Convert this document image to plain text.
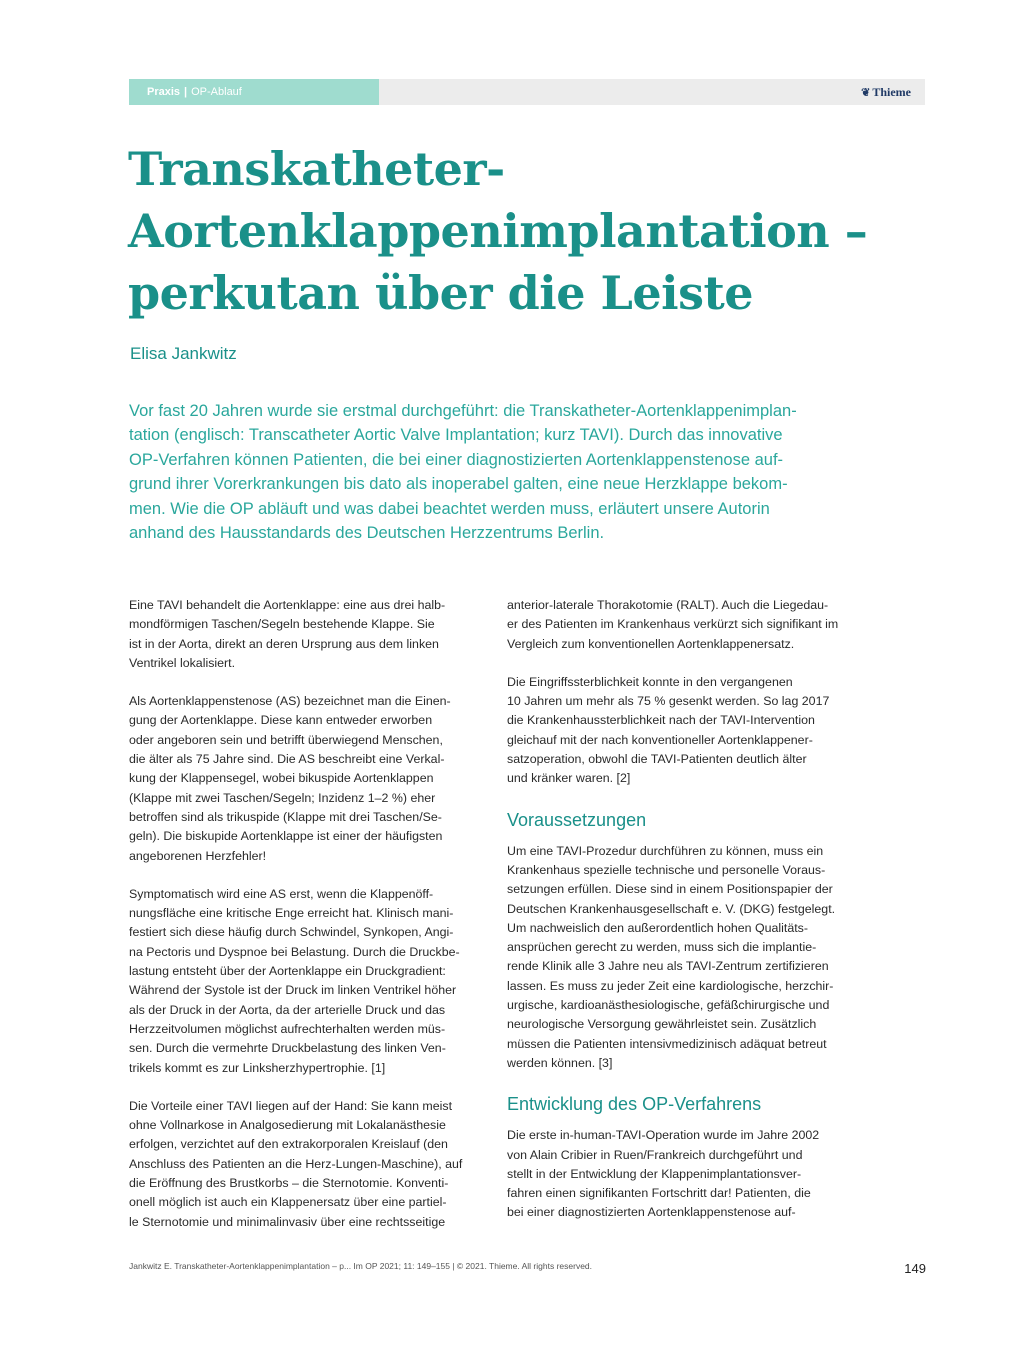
Praxis | OP-Ablauf	❦ Thieme
Transkatheter-
Aortenklappenimplantation –
perkutan über die Leiste
Elisa Jankwitz
Vor fast 20 Jahren wurde sie erstmal durchgeführt: die Transkatheter-Aortenklappenimplan-
tation (englisch: Transcatheter Aortic Valve Implantation; kurz TAVI). Durch das innovative
OP-Verfahren können Patienten, die bei einer diagnostizierten Aortenklappenstenose auf-
grund ihrer Vorerkrankungen bis dato als inoperabel galten, eine neue Herzklappe bekom-
men. Wie die OP abläuft und was dabei beachtet werden muss, erläutert unsere Autorin
anhand des Hausstandards des Deutschen Herzzentrums Berlin.

Eine TAVI behandelt die Aortenklappe: eine aus drei halb-
mondförmigen Taschen/Segeln bestehende Klappe. Sie
ist in der Aorta, direkt an deren Ursprung aus dem linken
Ventrikel lokalisiert.

Als Aortenklappenstenose (AS) bezeichnet man die Einen-
gung der Aortenklappe. Diese kann entweder erworben
oder angeboren sein und betrifft überwiegend Menschen,
die älter als 75 Jahre sind. Die AS beschreibt eine Verkal-
kung der Klappensegel, wobei bikuspide Aortenklappen
(Klappe mit zwei Taschen/Segeln; Inzidenz 1–2 %) eher
betroffen sind als trikuspide (Klappe mit drei Taschen/Se-
geln). Die biskupide Aortenklappe ist einer der häufigsten
angeborenen Herzfehler!

Symptomatisch wird eine AS erst, wenn die Klappenöff-
nungsfläche eine kritische Enge erreicht hat. Klinisch mani-
festiert sich diese häufig durch Schwindel, Synkopen, Angi-
na Pectoris und Dyspnoe bei Belastung. Durch die Druckbe-
lastung entsteht über der Aortenklappe ein Druckgradient:
Während der Systole ist der Druck im linken Ventrikel höher
als der Druck in der Aorta, da der arterielle Druck und das
Herzzeitvolumen möglichst aufrechterhalten werden müs-
sen. Durch die vermehrte Druckbelastung des linken Ven-
trikels kommt es zur Linksherzhypertrophie. [1]

Die Vorteile einer TAVI liegen auf der Hand: Sie kann meist
ohne Vollnarkose in Analgosedierung mit Lokalanästhesie
erfolgen, verzichtet auf den extrakorporalen Kreislauf (den
Anschluss des Patienten an die Herz-Lungen-Maschine), auf
die Eröffnung des Brustkorbs – die Sternotomie. Konventi-
onell möglich ist auch ein Klappenersatz über eine partiel-
le Sternotomie und minimalinvasiv über eine rechtsseitige

anterior-laterale Thorakotomie (RALT). Auch die Liegedau-
er des Patienten im Krankenhaus verkürzt sich signifikant im
Vergleich zum konventionellen Aortenklappenersatz.

Die Eingriffssterblichkeit konnte in den vergangenen
10 Jahren um mehr als 75 % gesenkt werden. So lag 2017
die Krankenhaussterblichkeit nach der TAVI-Intervention
gleichauf mit der nach konventioneller Aortenklappener-
satzoperation, obwohl die TAVI-Patienten deutlich älter
und kränker waren. [2]

Voraussetzungen

Um eine TAVI-Prozedur durchführen zu können, muss ein
Krankenhaus spezielle technische und personelle Voraus-
setzungen erfüllen. Diese sind in einem Positionspapier der
Deutschen Krankenhausgesellschaft e. V. (DKG) festgelegt.
Um nachweislich den außerordentlich hohen Qualitäts-
ansprüchen gerecht zu werden, muss sich die implantie-
rende Klinik alle 3 Jahre neu als TAVI-Zentrum zertifizieren
lassen. Es muss zu jeder Zeit eine kardiologische, herzchir-
urgische, kardioanästhesiologische, gefäßchirurgische und
neurologische Versorgung gewährleistet sein. Zusätzlich
müssen die Patienten intensivmedizinisch adäquat betreut
werden können. [3]

Entwicklung des OP-Verfahrens

Die erste in-human-TAVI-Operation wurde im Jahre 2002
von Alain Cribier in Ruen/Frankreich durchgeführt und
stellt in der Entwicklung der Klappenimplantationsver-
fahren einen signifikanten Fortschritt dar! Patienten, die
bei einer diagnostizierten Aortenklappenstenose auf-

Jankwitz E. Transkatheter-Aortenklappenimplantation – p... Im OP 2021; 11: 149–155 | © 2021. Thieme. All rights reserved.	149
